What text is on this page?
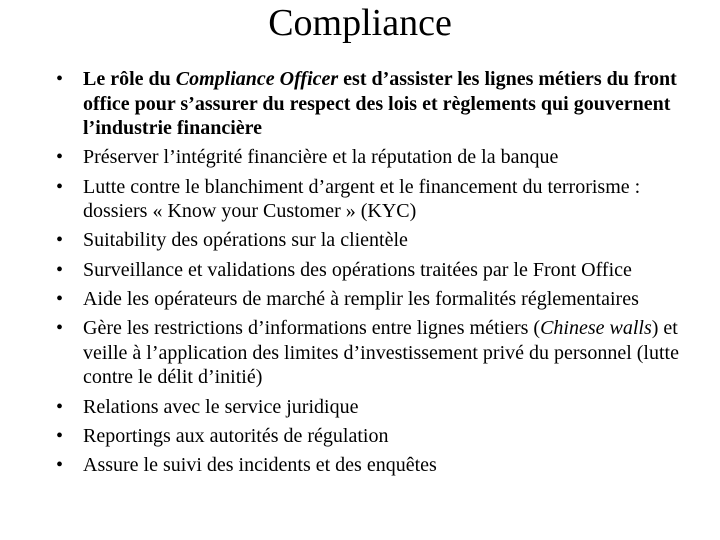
Compliance
• Le rôle du Compliance Officer est d’assister les lignes métiers du front office pour s’assurer du respect des lois et règlements qui gouvernent l’industrie financière
• Préserver l’intégrité financière et la réputation de la banque
• Lutte contre le blanchiment d’argent et le financement du terrorisme : dossiers « Know your Customer » (KYC)
• Suitability des opérations sur la clientèle
• Surveillance et validations des opérations traitées par le Front Office
• Aide les opérateurs de marché à remplir les formalités réglementaires
• Gère les restrictions d’informations entre lignes métiers (Chinese walls) et veille à l’application des limites d’investissement privé du personnel (lutte contre le délit d’initié)
• Relations avec le service juridique
• Reportings aux autorités de régulation
• Assure le suivi des incidents et des enquêtes
